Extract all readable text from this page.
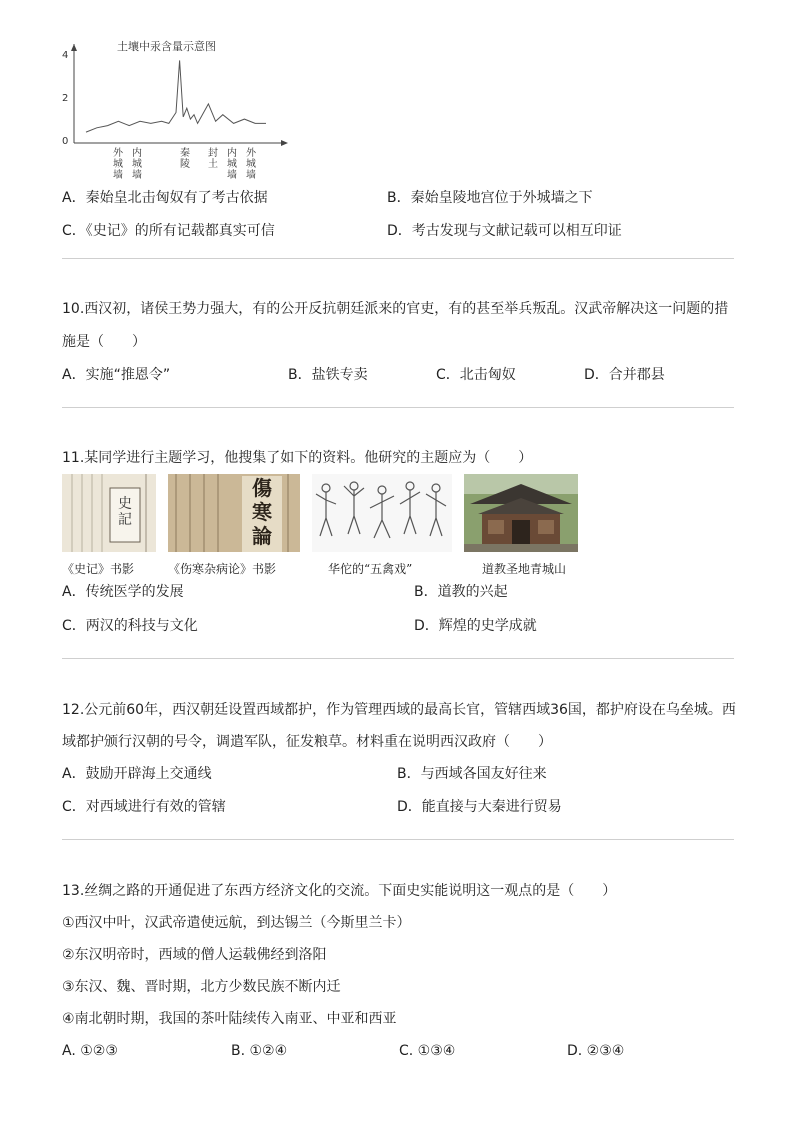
土壤中汞含量示意图
4
2
0
外城墙
内城墙
秦陵
封土
内城墙
外城墙
A．秦始皇北击匈奴有了考古依据	B．秦始皇陵地宫位于外城墙之下
C．《史记》的所有记载都真实可信	D．考古发现与文献记载可以相互印证
10.西汉初，诸侯王势力强大，有的公开反抗朝廷派来的官吏，有的甚至举兵叛乱。汉武帝解决这一问题的措
施是（　　）
A．实施“推恩令”	B．盐铁专卖	C．北击匈奴	D．合并郡县
11.某同学进行主题学习，他搜集了如下的资料。他研究的主题应为（　　）
史記
傷寒論
《史记》书影	《伤寒杂病论》书影	华佗的“五禽戏”	道教圣地青城山
A．传统医学的发展	B．道教的兴起
C．两汉的科技与文化	D．辉煌的史学成就
12.公元前60年，西汉朝廷设置西域都护，作为管理西域的最高长官，管辖西域36国，都护府设在乌垒城。西
域都护颁行汉朝的号令，调遣军队，征发粮草。材料重在说明西汉政府（　　）
A．鼓励开辟海上交通线	B．与西域各国友好往来
C．对西域进行有效的管辖	D．能直接与大秦进行贸易
13.丝绸之路的开通促进了东西方经济文化的交流。下面史实能说明这一观点的是（　　）
①西汉中叶，汉武帝遣使远航，到达锡兰（今斯里兰卡）
②东汉明帝时，西域的僧人运载佛经到洛阳
③东汉、魏、晋时期，北方少数民族不断内迁
④南北朝时期，我国的茶叶陆续传入南亚、中亚和西亚
A. ①②③	B. ①②④	C. ①③④	D. ②③④
